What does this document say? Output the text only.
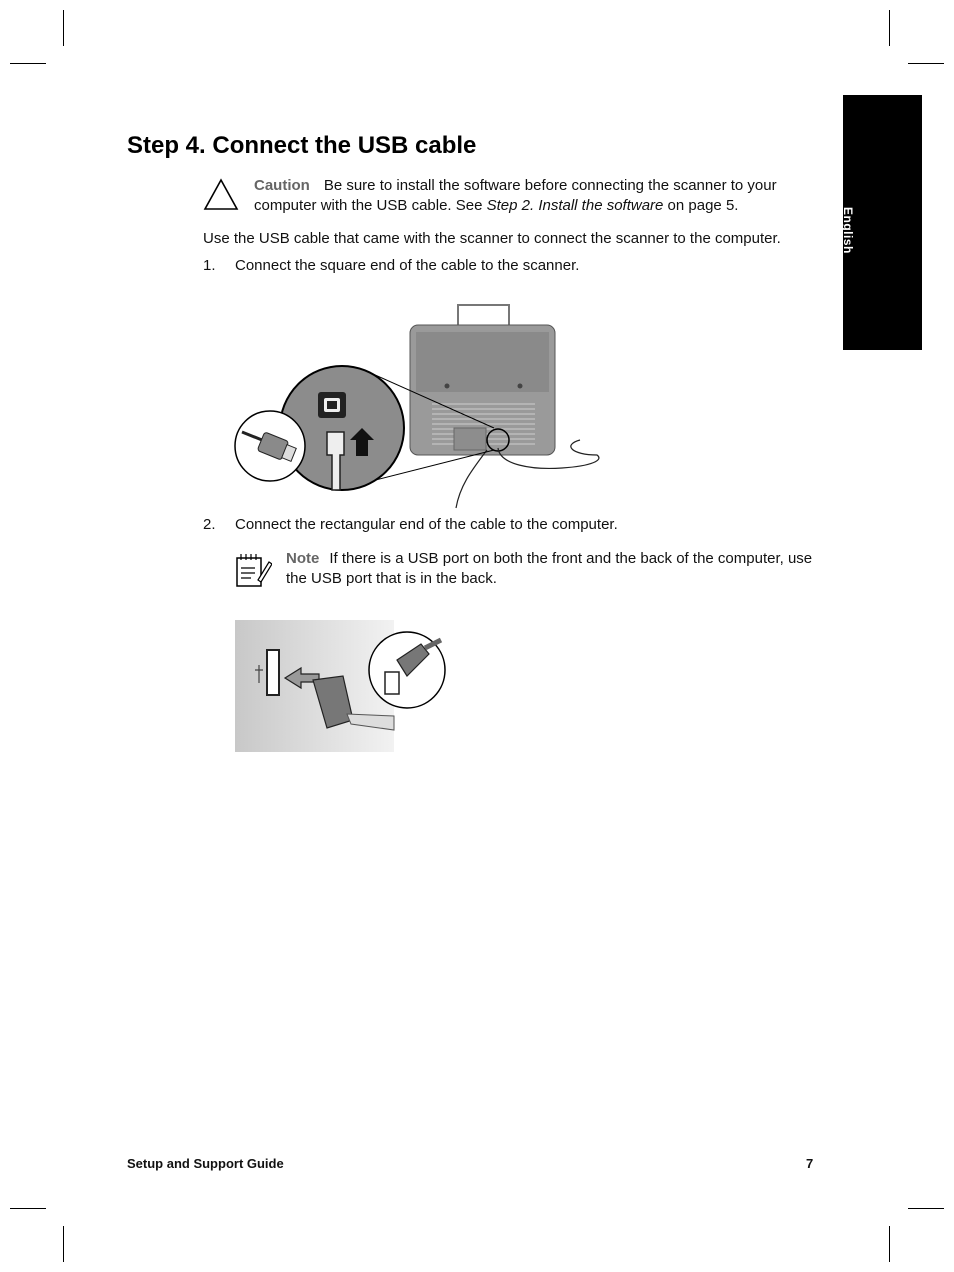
English
Step 4. Connect the USB cable
Caution Be sure to install the software before connecting the scanner to your computer with the USB cable. See Step 2. Install the software on page 5.
Use the USB cable that came with the scanner to connect the scanner to the computer.
1. Connect the square end of the cable to the scanner.
2. Connect the rectangular end of the cable to the computer.
Note If there is a USB port on both the front and the back of the computer, use the USB port that is in the back.
Setup and Support Guide	7
